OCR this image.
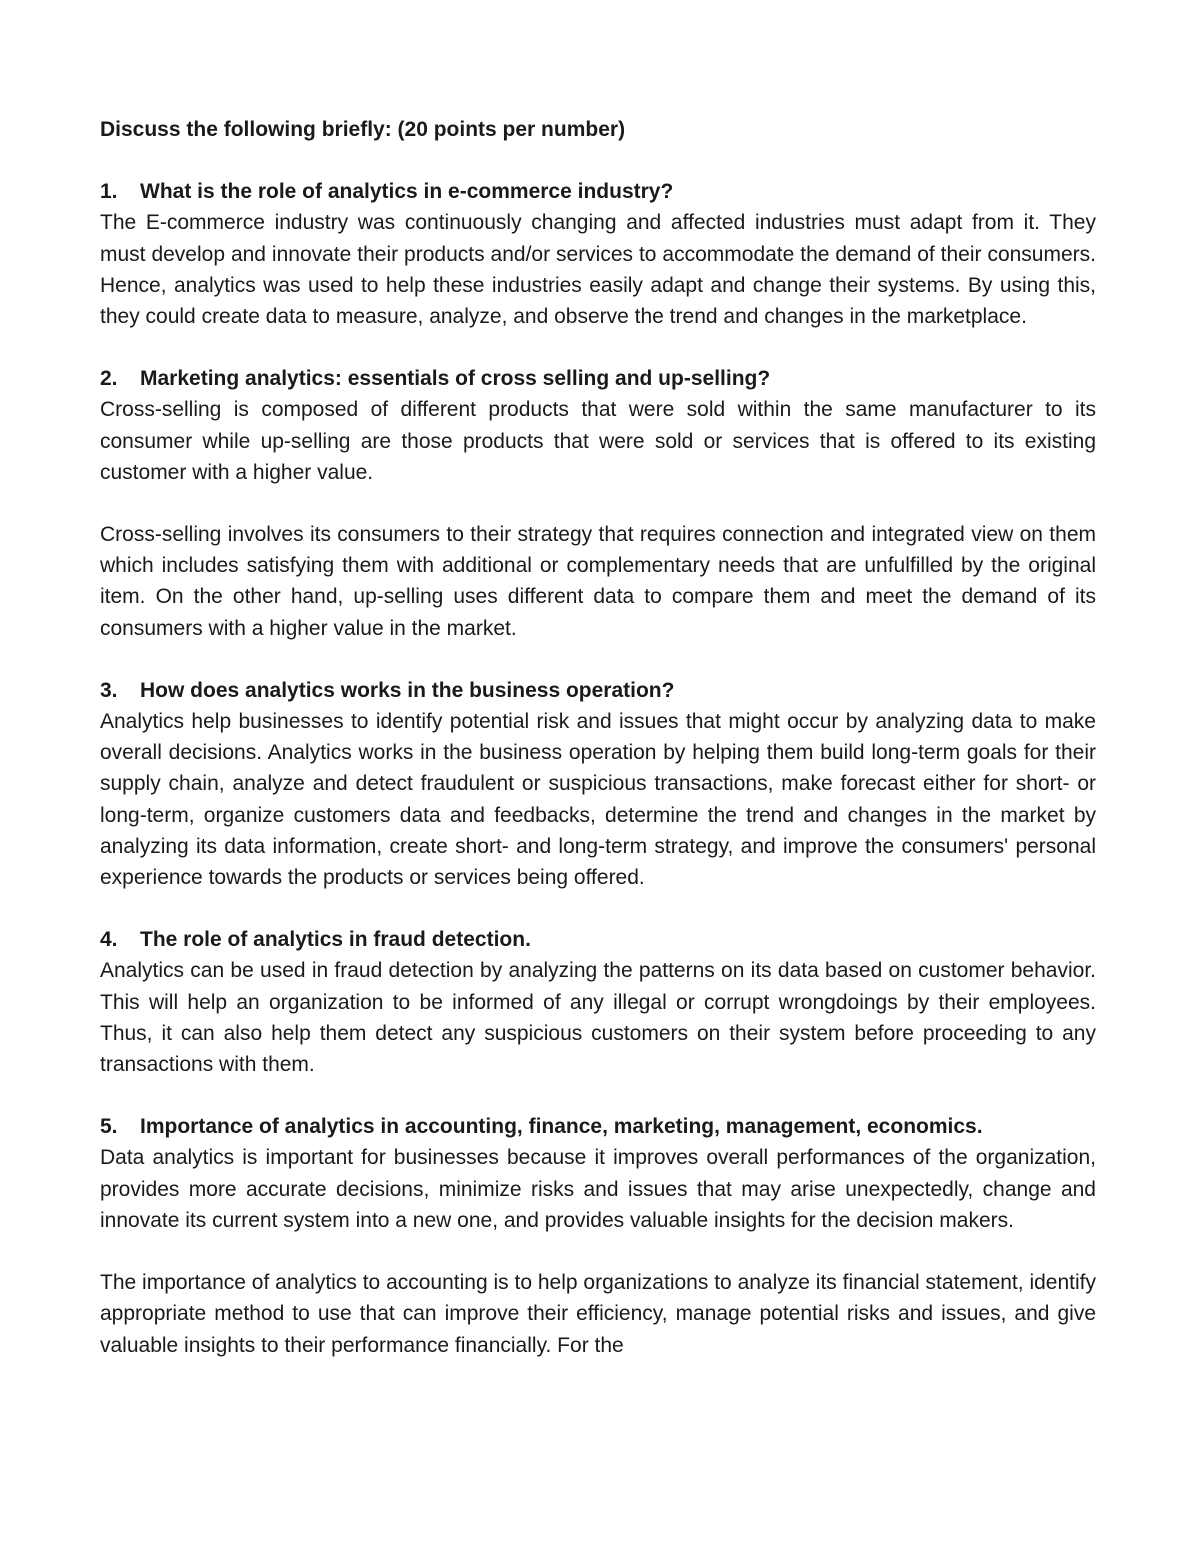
Discuss the following briefly: (20 points per number)

1.	What is the role of analytics in e-commerce industry?

The E-commerce industry was continuously changing and affected industries must adapt from it. They must develop and innovate their products and/or services to accommodate the demand of their consumers. Hence, analytics was used to help these industries easily adapt and change their systems. By using this, they could create data to measure, analyze, and observe the trend and changes in the marketplace.

2.	Marketing analytics: essentials of cross selling and up-selling?

Cross-selling is composed of different products that were sold within the same manufacturer to its consumer while up-selling are those products that were sold or services that is offered to its existing customer with a higher value.

Cross-selling involves its consumers to their strategy that requires connection and integrated view on them which includes satisfying them with additional or complementary needs that are unfulfilled by the original item. On the other hand, up-selling uses different data to compare them and meet the demand of its consumers with a higher value in the market.

3.	How does analytics works in the business operation?

Analytics help businesses to identify potential risk and issues that might occur by analyzing data to make overall decisions. Analytics works in the business operation by helping them build long-term goals for their supply chain, analyze and detect fraudulent or suspicious transactions, make forecast either for short- or long-term, organize customers data and feedbacks, determine the trend and changes in the market by analyzing its data information, create short- and long-term strategy, and improve the consumers' personal experience towards the products or services being offered.

4.	The role of analytics in fraud detection.

Analytics can be used in fraud detection by analyzing the patterns on its data based on customer behavior. This will help an organization to be informed of any illegal or corrupt wrongdoings by their employees. Thus, it can also help them detect any suspicious customers on their system before proceeding to any transactions with them.

5.	Importance of analytics in accounting, finance, marketing, management, economics.

Data analytics is important for businesses because it improves overall performances of the organization, provides more accurate decisions, minimize risks and issues that may arise unexpectedly, change and innovate its current system into a new one, and provides valuable insights for the decision makers.

The importance of analytics to accounting is to help organizations to analyze its financial statement, identify appropriate method to use that can improve their efficiency, manage potential risks and issues, and give valuable insights to their performance financially. For the
